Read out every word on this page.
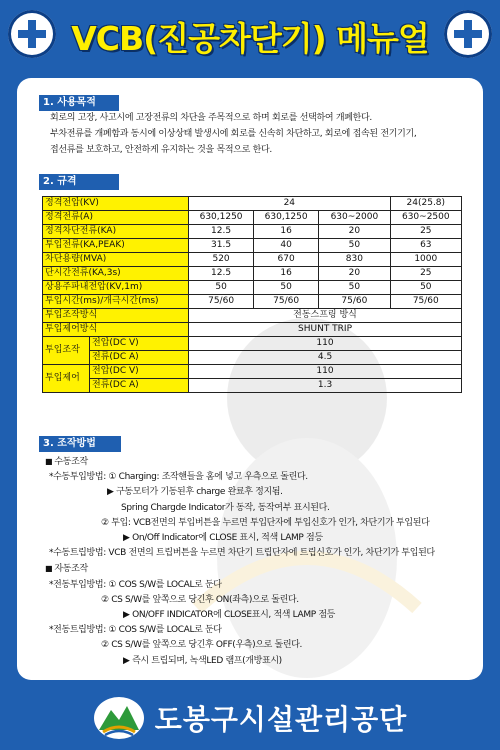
VCB(진공차단기) 메뉴얼
1. 사용목적
회로의 고장, 사고시에 고장전류의 차단을 주목적으로 하며 회로를 선택하여 개폐한다.
부차전류를 개폐함과 동시에 이상상태 발생시에 회로를 신속히 차단하고, 회로에 접속된 전기기기,
접선류를 보호하고, 안전하게 유지하는 것을 목적으로 한다.
2. 규격
정격전압(KV)		24			24(25.8)
정격전류(A)		630,1250	630,1250	630~2000	630~2500
정격차단전류(KA)		12.5	16	20	25
투입전류(KA,PEAK)		31.5	40	50	63
차단용량(MVA)		520	670	830	1000
단시간전류(KA,3s)		12.5	16	20	25
상용주파내전압(KV,1m)		50	50	50	50
투입시간(ms)/개극시간(ms)		75/60	75/60	75/60	75/60
투입조작방식		전동스프링 방식			
투입제어방식		SHUNT TRIP			
투입조작	전압(DC V)	110			
	전류(DC A)	4.5			
투입제어	전압(DC V)	110			
	전류(DC A)	1.3			
3. 조작방법
■ 수동조작
*수동투입방법: ① Charging: 조작핸들을 홈에 넣고 우측으로 돌린다.
▶ 구동모터가 기동된후 charge 완료후 정지됨.
Spring Chargde Indicator가 동작, 동작여부 표시된다.
② 투입: VCB전면의 투입버튼을 누르면 투입단자에 투입신호가 인가, 차단기가 투입된다
▶ On/Off Indicator에 CLOSE 표시, 적색 LAMP 점등
*수동트립방법: VCB 전면의 트립버튼을 누르면 차단기 트립단자에 트립신호가 인가, 차단기가 투입된다
■ 자동조작
*전동투입방법: ① COS S/W를 LOCAL로 둔다
② CS S/W를 앞쪽으로 당긴후 ON(좌측)으로 돌린다.
▶ ON/OFF INDICATOR에 CLOSE표시, 적색 LAMP 점등
*전동트립방법: ① COS S/W를 LOCAL로 둔다
② CS S/W를 앞쪽으로 당긴후 OFF(우측)으로 돌린다.
▶ 즉시 트립되며, 녹색LED 램프(개방표시)
도봉구시설관리공단
